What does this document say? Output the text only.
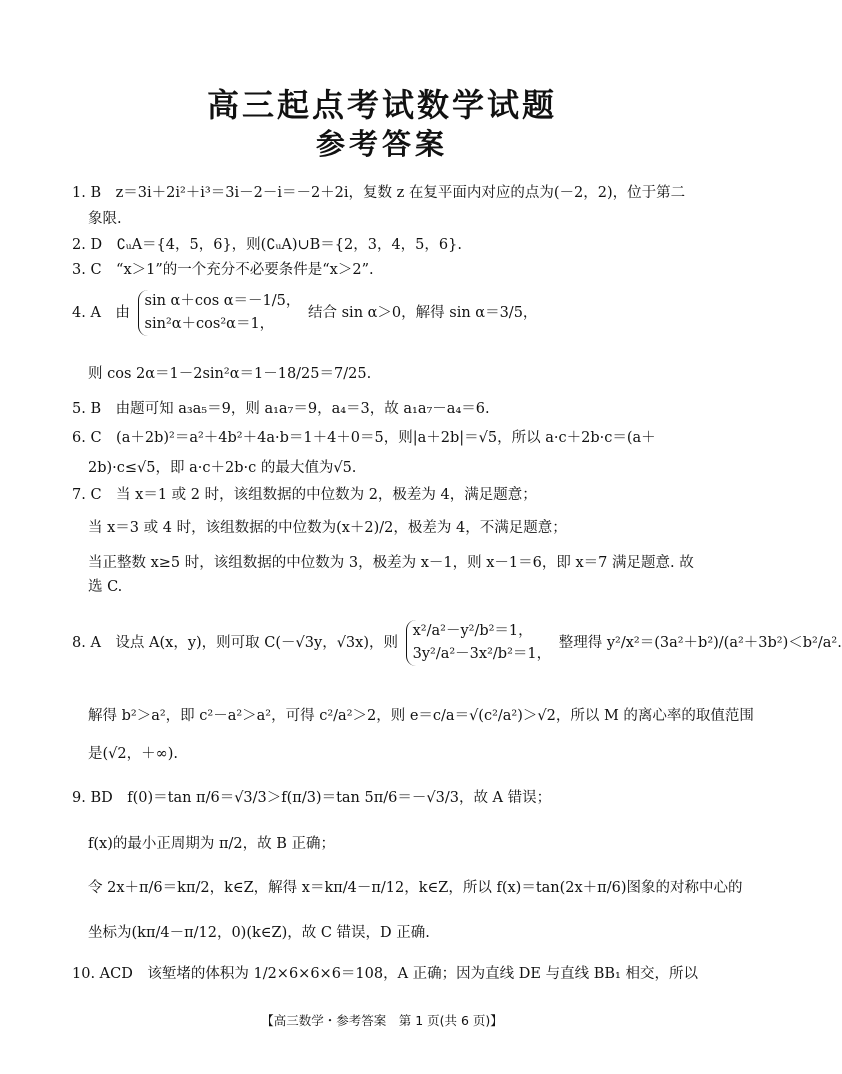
高三起点考试数学试题
参考答案
1. B　z＝3i＋2i²＋i³＝3i－2－i＝－2＋2i，复数 z 在复平面内对应的点为(－2，2)，位于第二
象限.
2. D　∁ᵤA＝{4，5，6}，则(∁ᵤA)∪B＝{2，3，4，5，6}.
3. C　“x＞1”的一个充分不必要条件是“x＞2”.
4. A　由
sin α＋cos α＝－1/5，
sin²α＋cos²α＝1，
结合 sin α＞0，解得 sin α＝3/5，
则 cos 2α＝1－2sin²α＝1－18/25＝7/25.
5. B　由题可知 a₃a₅＝9，则 a₁a₇＝9，a₄＝3，故 a₁a₇－a₄＝6.
6. C　(a＋2b)²＝a²＋4b²＋4a·b＝1＋4＋0＝5，则|a＋2b|＝√5，所以 a·c＋2b·c＝(a＋
2b)·c≤√5，即 a·c＋2b·c 的最大值为√5.
7. C　当 x＝1 或 2 时，该组数据的中位数为 2，极差为 4，满足题意；
当 x＝3 或 4 时，该组数据的中位数为(x＋2)/2，极差为 4，不满足题意；
当正整数 x≥5 时，该组数据的中位数为 3，极差为 x－1，则 x－1＝6，即 x＝7 满足题意. 故
选 C.
8. A　设点 A(x，y)，则可取 C(－√3y，√3x)，则
x²/a²－y²/b²＝1，
3y²/a²－3x²/b²＝1，
整理得 y²/x²＝(3a²＋b²)/(a²＋3b²)＜b²/a².
解得 b²＞a²，即 c²－a²＞a²，可得 c²/a²＞2，则 e＝c/a＝√(c²/a²)＞√2，所以 M 的离心率的取值范围
是(√2，＋∞).
9. BD　f(0)＝tan π/6＝√3/3＞f(π/3)＝tan 5π/6＝－√3/3，故 A 错误；
f(x)的最小正周期为 π/2，故 B 正确；
令 2x＋π/6＝kπ/2，k∈Z，解得 x＝kπ/4－π/12，k∈Z，所以 f(x)＝tan(2x＋π/6)图象的对称中心的
坐标为(kπ/4－π/12，0)(k∈Z)，故 C 错误，D 正确.
10. ACD　该堑堵的体积为 1/2×6×6×6＝108，A 正确；因为直线 DE 与直线 BB₁ 相交，所以
【高三数学・参考答案　第 1 页(共 6 页)】
